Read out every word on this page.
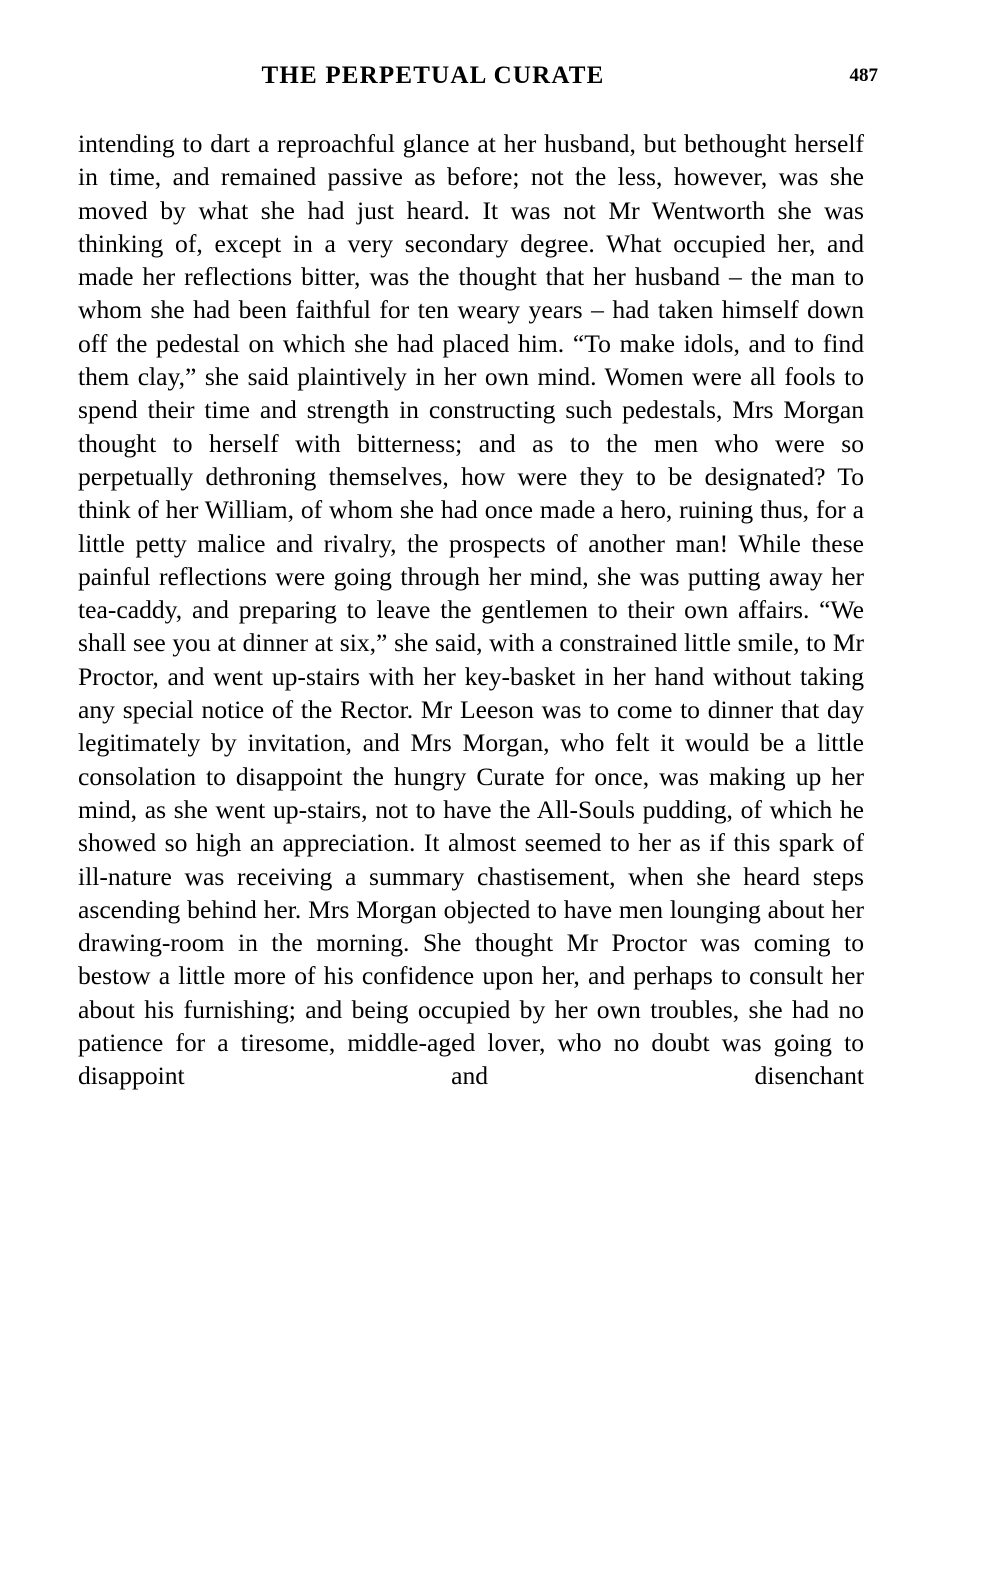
THE PERPETUAL CURATE	487

intending to dart a reproachful glance at her husband, but bethought herself in time, and remained passive as before; not the less, however, was she moved by what she had just heard. It was not Mr Wentworth she was thinking of, except in a very secondary degree. What occupied her, and made her reflections bitter, was the thought that her husband – the man to whom she had been faithful for ten weary years – had taken himself down off the pedestal on which she had placed him. “To make idols, and to find them clay,” she said plaintively in her own mind. Women were all fools to spend their time and strength in constructing such pedestals, Mrs Morgan thought to herself with bitterness; and as to the men who were so perpetually dethroning themselves, how were they to be designated? To think of her William, of whom she had once made a hero, ruining thus, for a little petty malice and rivalry, the prospects of another man! While these painful reflections were going through her mind, she was putting away her tea-caddy, and preparing to leave the gentlemen to their own affairs. “We shall see you at dinner at six,” she said, with a constrained little smile, to Mr Proctor, and went up-stairs with her key-basket in her hand without taking any special notice of the Rector. Mr Leeson was to come to dinner that day legitimately by invitation, and Mrs Morgan, who felt it would be a little consolation to disappoint the hungry Curate for once, was making up her mind, as she went up-stairs, not to have the All-Souls pudding, of which he showed so high an appreciation. It almost seemed to her as if this spark of ill-nature was receiving a summary chastisement, when she heard steps ascending behind her. Mrs Morgan objected to have men lounging about her drawing-room in the morning. She thought Mr Proctor was coming to bestow a little more of his confidence upon her, and perhaps to consult her about his furnishing; and being occupied by her own troubles, she had no patience for a tiresome, middle-aged lover, who no doubt was going to disappoint and disenchant
